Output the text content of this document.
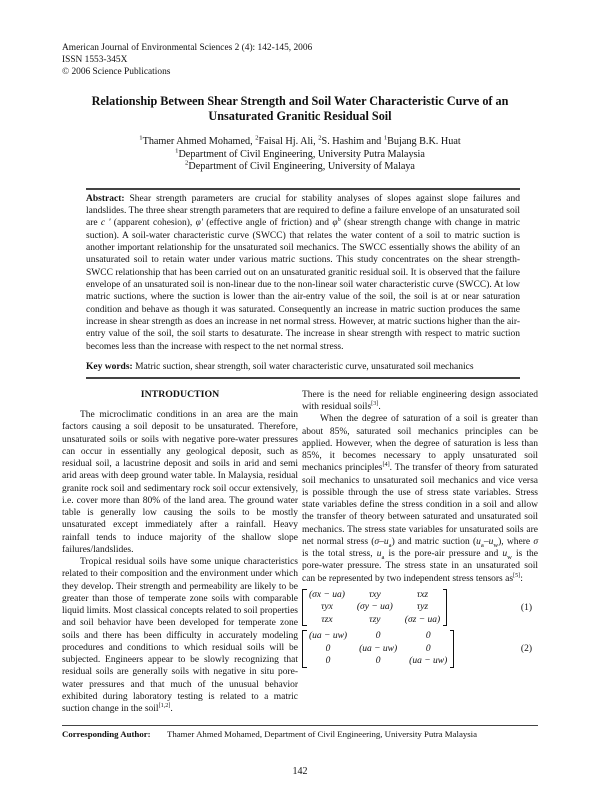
American Journal of Environmental Sciences 2 (4): 142-145, 2006
ISSN 1553-345X
© 2006 Science Publications
Relationship Between Shear Strength and Soil Water Characteristic Curve of an
Unsaturated Granitic Residual Soil
$^1$Thamer Ahmed Mohamed, $^2$Faisal Hj. Ali, $^2$S. Hashim and $^1$Bujang B.K. Huat
$^1$Department of Civil Engineering, University Putra Malaysia
$^2$Department of Civil Engineering, University of Malaya
Abstract: Shear strength parameters are crucial for stability analyses of slopes against slope failures and landslides. The three shear strength parameters that are required to define a failure envelope of an unsaturated soil are c ' (apparent cohesion), φ' (effective angle of friction) and $\varphi^b$ (shear strength change with change in matric suction). A soil-water characteristic curve (SWCC) that relates the water content of a soil to matric suction is another important relationship for the unsaturated soil mechanics. The SWCC essentially shows the ability of an unsaturated soil to retain water under various matric suctions. This study concentrates on the shear strength-SWCC relationship that has been carried out on an unsaturated granitic residual soil. It is observed that the failure envelope of an unsaturated soil is non-linear due to the non-linear soil water characteristic curve (SWCC). At low matric suctions, where the suction is lower than the air-entry value of the soil, the soil is at or near saturation condition and behave as though it was saturated. Consequently an increase in matric suction produces the same increase in shear strength as does an increase in net normal stress. However, at matric suctions higher than the air-entry value of the soil, the soil starts to desaturate. The increase in shear strength with respect to matric suction becomes less than the increase with respect to the net normal stress.
Key words: Matric suction, shear strength, soil water characteristic curve, unsaturated soil mechanics
INTRODUCTION

The microclimatic conditions in an area are the main factors causing a soil deposit to be unsaturated. Therefore, unsaturated soils or soils with negative pore-water pressures can occur in essentially any geological deposit, such as residual soil, a lacustrine deposit and soils in arid and semi arid areas with deep ground water table. In Malaysia, residual granite rock soil and sedimentary rock soil occur extensively, i.e. cover more than 80% of the land area. The ground water table is generally low causing the soils to be mostly unsaturated except immediately after a rainfall. Heavy rainfall tends to induce majority of the shallow slope failures/landslides.

Tropical residual soils have some unique characteristics related to their composition and the environment under which they develop. Their strength and permeability are likely to be greater than those of temperate zone soils with comparable liquid limits. Most classical concepts related to soil properties and soil behavior have been developed for temperate zone soils and there has been difficulty in accurately modeling procedures and conditions to which residual soils will be subjected. Engineers appear to be slowly recognizing that residual soils are generally soils with negative in situ pore-water pressures and that much of the unusual behavior exhibited during laboratory testing is related to a matric suction change in the soil[1,2].

There is the need for reliable engineering design associated with residual soils[3].

When the degree of saturation of a soil is greater than about 85%, saturated soil mechanics principles can be applied. However, when the degree of saturation is less than 85%, it becomes necessary to apply unsaturated soil mechanics principles[4]. The transfer of theory from saturated soil mechanics to unsaturated soil mechanics and vice versa is possible through the use of stress state variables. Stress state variables define the stress condition in a soil and allow the transfer of theory between saturated and unsaturated soil mechanics. The stress state variables for unsaturated soils are net normal stress $(\sigma-u_a)$ and matric suction $(u_a-u_w)$, where σ is the total stress, $u_a$ is the pore-air pressure and $u_w$ is the pore-water pressure. The stress state in an unsaturated soil can be represented by two independent stress tensors as[5]:

(σx − ua)	τxy	τxz
τyx	(σy − ua)	τyz
τzx	τzy	(σz − ua)

(1)
(ua − uw)	0	0
0	(ua − uw)	0
0	0	(ua − uw)

(2)
Corresponding Author: Thamer Ahmed Mohamed, Department of Civil Engineering, University Putra Malaysia
142
